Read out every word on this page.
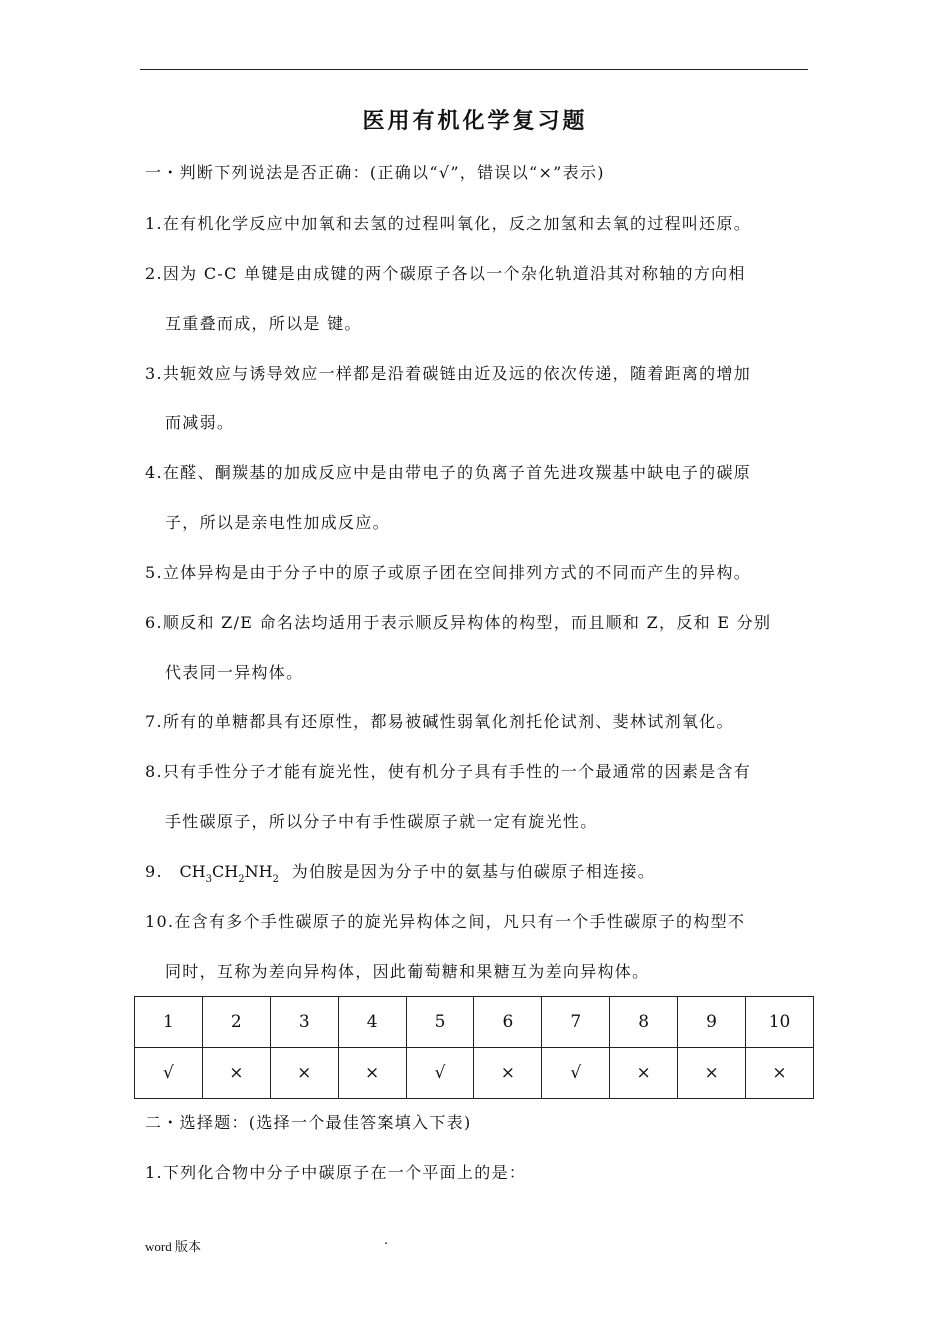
医用有机化学复习题
一・判断下列说法是否正确：(正确以“√”，错误以“×”表示)
1.在有机化学反应中加氧和去氢的过程叫氧化，反之加氢和去氧的过程叫还原。
2.因为 C-C 单键是由成键的两个碳原子各以一个杂化轨道沿其对称轴的方向相
互重叠而成，所以是 键。
3.共轭效应与诱导效应一样都是沿着碳链由近及远的依次传递，随着距离的增加
而减弱。
4.在醛、酮羰基的加成反应中是由带电子的负离子首先进攻羰基中缺电子的碳原
子，所以是亲电性加成反应。
5.立体异构是由于分子中的原子或原子团在空间排列方式的不同而产生的异构。
6.顺反和 Z/E 命名法均适用于表示顺反异构体的构型，而且顺和 Z，反和 E 分别
代表同一异构体。
7.所有的单糖都具有还原性，都易被碱性弱氧化剂托伦试剂、斐林试剂氧化。
8.只有手性分子才能有旋光性，使有机分子具有手性的一个最通常的因素是含有
手性碳原子，所以分子中有手性碳原子就一定有旋光性。
9. $CH_3CH_2NH_2$ 为伯胺是因为分子中的氨基与伯碳原子相连接。
10.在含有多个手性碳原子的旋光异构体之间，凡只有一个手性碳原子的构型不
同时，互称为差向异构体，因此葡萄糖和果糖互为差向异构体。
1	2	3	4	5	6	7	8	9	10
√	×	×	×	√	×	√	×	×	×
二・选择题：(选择一个最佳答案填入下表)
1.下列化合物中分子中碳原子在一个平面上的是：
word 版本	.
